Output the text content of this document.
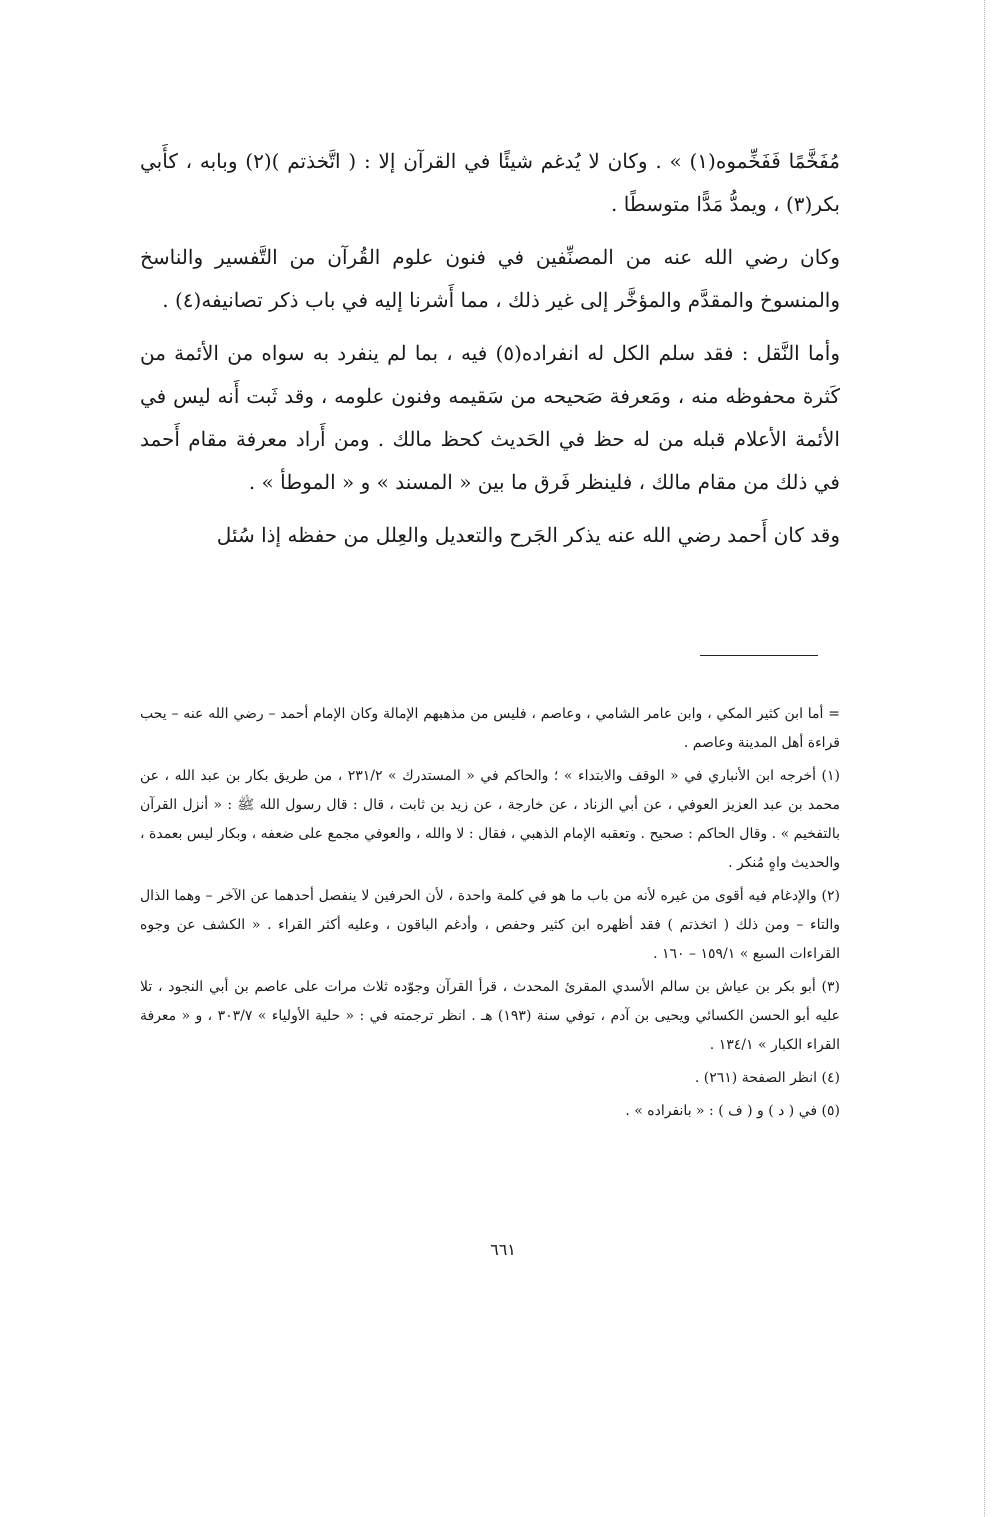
مُفَخَّمًا فَفَخِّموه(١) » . وكان لا يُدغم شيئًا في القرآن إلا : ( اتَّخذتم )(٢) وبابه ، كأَبي بكر(٣) ، ويمدُّ مَدًّا متوسطًا .

وكان رضي الله عنه من المصنِّفين في فنون علوم القُرآن من التَّفسير والناسخ والمنسوخ والمقدَّم والمؤخَّر إلى غير ذلك ، مما أَشرنا إليه في باب ذكر تصانيفه(٤) .

وأما النَّقل : فقد سلم الكل له انفراده(٥) فيه ، بما لم ينفرد به سواه من الأئمة من كَثرة محفوظه منه ، ومَعرفة صَحيحه من سَقيمه وفنون علومه ، وقد ثَبت أَنه ليس في الأئمة الأعلام قبله من له حظ في الحَديث كحظ مالك . ومن أَراد معرفة مقام أَحمد في ذلك من مقام مالك ، فلينظر فَرق ما بين « المسند » و « الموطأ » .

وقد كان أَحمد رضي الله عنه يذكر الجَرح والتعديل والعِلل من حفظه إذا سُئل

= أما ابن كثير المكي ، وابن عامر الشامي ، وعاصم ، فليس من مذهبهم الإمالة وكان الإمام أحمد – رضي الله عنه – يحب قراءة أهل المدينة وعاصم .

(١) أخرجه ابن الأنباري في « الوقف والابتداء » ؛ والحاكم في « المستدرك » ٢٣١/٢ ، من طريق بكار بن عبد الله ، عن محمد بن عبد العزيز العوفي ، عن أبي الزناد ، عن خارجة ، عن زيد بن ثابت ، قال : قال رسول الله ﷺ : « أنزل القرآن بالتفخيم » . وقال الحاكم : صحيح . وتعقبه الإمام الذهبي ، فقال : لا والله ، والعوفي مجمع على ضعفه ، وبكار ليس بعمدة ، والحديث واهٍ مُنكر .

(٢) والإدغام فيه أقوى من غيره لأنه من باب ما هو في كلمة واحدة ، لأن الحرفين لا ينفصل أحدهما عن الآخر – وهما الذال والتاء – ومن ذلك ( اتخذتم ) فقد أظهره ابن كثير وحفص ، وأدغم الباقون ، وعليه أكثر القراء . « الكشف عن وجوه القراءات السبع » ١٥٩/١ – ١٦٠ .

(٣) أبو بكر بن عياش بن سالم الأسدي المقرئ المحدث ، قرأ القرآن وجوّده ثلاث مرات على عاصم بن أبي النجود ، تلا عليه أبو الحسن الكسائي ويحيى بن آدم ، توفي سنة (١٩٣) هـ . انظر ترجمته في : « حلية الأولياء » ٣٠٣/٧ ، و « معرفة القراء الكبار » ١٣٤/١ .

(٤) انظر الصفحة (٢٦١) .

(٥) في ( د ) و ( ف ) : « بانفراده » .

٦٦١
